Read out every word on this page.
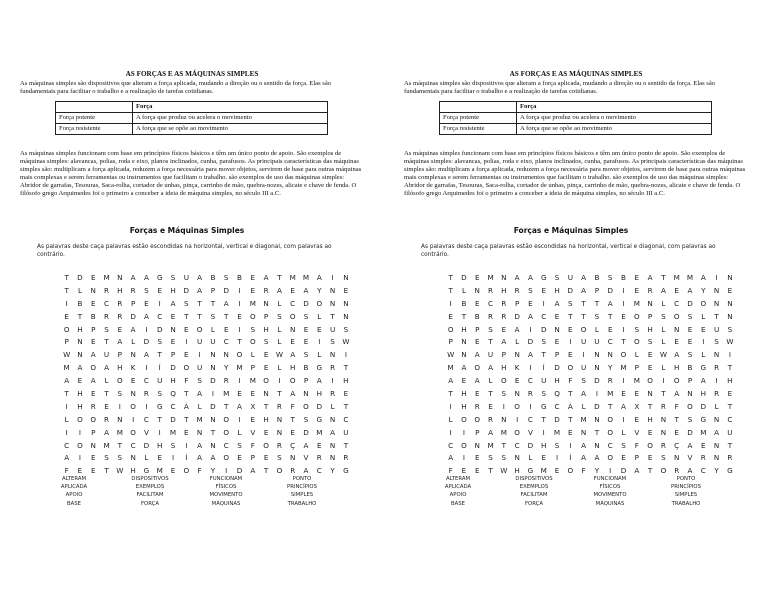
AS FORÇAS E AS MÁQUINAS SIMPLES

As máquinas simples são dispositivos que alteram a força aplicada, mudando a direção ou o sentido da força. Elas são fundamentais para facilitar o trabalho e a realização de tarefas cotidianas.

	Força
Força potente	A força que produz ou acelera o movimento
Força resistente	A força que se opõe ao movimento

As máquinas simples funcionam com base em princípios físicos básicos e têm um único ponto de apoio. São exemplos de máquinas simples: alavancas, polias, roda e eixo, planos inclinados, cunha, parafusos. As principais características das máquinas simples são: multiplicam a força aplicada, reduzem a força necessária para mover objetos, servirem de base para outras máquinas mais complexas e serem ferramentas ou instrumentos que facilitam o trabalho. são exemplos de uso das máquinas simples: Abridor de garrafas, Tesouras, Saca-rolha, cortador de unhas, pinça, carrinho de mão, quebra-nozes, alicate e chave de fenda. O filósofo grego Arquimedes foi o primeiro a conceber a ideia de máquina simples, no século III a.C.

Forças e Máquinas Simples

As palavras deste caça palavras estão escondidas na horizontal, vertical e diagonal, com palavras ao contrário.

T	D	E	M	N	A	A	G	S	U	A	B	S	B	E	A	T	M M	A	I	N
T	L	N	R	H	R	S	E	H	D	A	P	D	I	E	R	A	E	A	Y	N	E
I	B	E	C	R	P	E	I	A	S	T	T	A	I	M	N	L	C	D	O	N	N
E	T	B	R	R	D	A	C	E	T	T	S	T	E	O	P	S	O	S	L	T	N
O	H	P	S	E	A	I	D	N	E	O	L	E	I	S	H	L	N	E	E	U	S
P	N	E	T	A	L	D	S	E	I	U	U	C	T	O	S	L	E	E	I	S	W
W N	A	U	P	N	A	T	P	E	I	N	N	O	L	E	W	A	S	L	N	I
M	A	O	A	H	K	I	Í	D	O	U	N	Y	M	P	E	L	H	B	G	R	T
A	E	A	L	O	E	C	U	H	F	S	D	R	I	M	O	I	O	P	A	I	H
T	H	E	T	S	N	R	S	Q	T	A	I	M	E	E	N	T	A	N	H	R	E
I	H	R	E	I	O	I	G	C	Á	L	D	T	A	X	T	R	F	O	D	L	T
L	O	O	R	N	I	C	T	D	T	M	N	O	I	E	H	N	T	S	G	N	C
I	I	P	A	M	O	V	I	M	E	N	T	O	L	V	E	N	E	D	M	A	U
C	O	N	M	T	C	D	H	S	I	A	N	C	S	F	O	R	Ç	A	E	N	T
A	I	E	S	S	N	L	E	I	Í	A	A	O	E	P	E	S	N	V	R	N	R
F	E	E	T	W H	G	M	E	O	F	Y	I	D	A	T	O	R	A	C	Y	G
ALTERAM
APLICADA
APOIO
BASE
DISPOSITIVOS
EXEMPLOS
FACILITAM
FORÇA
FUNCIONAM
FÍSICOS
MOVIMENTO
MÁQUINAS
PONTO
PRINCÍPIOS
SIMPLES
TRABALHO
AS FORÇAS E AS MÁQUINAS SIMPLES

As máquinas simples são dispositivos que alteram a força aplicada, mudando a direção ou o sentido da força. Elas são fundamentais para facilitar o trabalho e a realização de tarefas cotidianas.

	Força
Força potente	A força que produz ou acelera o movimento
Força resistente	A força que se opõe ao movimento

As máquinas simples funcionam com base em princípios físicos básicos e têm um único ponto de apoio. São exemplos de máquinas simples: alavancas, polias, roda e eixo, planos inclinados, cunha, parafusos. As principais características das máquinas simples são: multiplicam a força aplicada, reduzem a força necessária para mover objetos, servirem de base para outras máquinas mais complexas e serem ferramentas ou instrumentos que facilitam o trabalho. são exemplos de uso das máquinas simples: Abridor de garrafas, Tesouras, Saca-rolha, cortador de unhas, pinça, carrinho de mão, quebra-nozes, alicate e chave de fenda. O filósofo grego Arquimedes foi o primeiro a conceber a ideia de máquina simples, no século III a.C.

Forças e Máquinas Simples

As palavras deste caça palavras estão escondidas na horizontal, vertical e diagonal, com palavras ao contrário.

T	D	E	M	N	A	A	G	S	U	A	B	S	B	E	A	T	M M	A	I	N
T	L	N	R	H	R	S	E	H	D	A	P	D	I	E	R	A	E	A	Y	N	E
I	B	E	C	R	P	E	I	A	S	T	T	A	I	M	N	L	C	D	O	N	N
E	T	B	R	R	D	A	C	E	T	T	S	T	E	O	P	S	O	S	L	T	N
O	H	P	S	E	A	I	D	N	E	O	L	E	I	S	H	L	N	E	E	U	S
P	N	E	T	A	L	D	S	E	I	U	U	C	T	O	S	L	E	E	I	S	W
W N	A	U	P	N	A	T	P	E	I	N	N	O	L	E	W	A	S	L	N	I
M	A	O	A	H	K	I	Í	D	O	U	N	Y	M	P	E	L	H	B	G	R	T
A	E	A	L	O	E	C	U	H	F	S	D	R	I	M	O	I	O	P	A	I	H
T	H	E	T	S	N	R	S	Q	T	A	I	M	E	E	N	T	A	N	H	R	E
I	H	R	E	I	O	I	G	C	Á	L	D	T	A	X	T	R	F	O	D	L	T
L	O	O	R	N	I	C	T	D	T	M	N	O	I	E	H	N	T	S	G	N	C
I	I	P	A	M	O	V	I	M	E	N	T	O	L	V	E	N	E	D	M	A	U
C	O	N	M	T	C	D	H	S	I	A	N	C	S	F	O	R	Ç	A	E	N	T
A	I	E	S	S	N	L	E	I	Í	A	A	O	E	P	E	S	N	V	R	N	R
F	E	E	T	W H	G	M	E	O	F	Y	I	D	A	T	O	R	A	C	Y	G
ALTERAM
APLICADA
APOIO
BASE
DISPOSITIVOS
EXEMPLOS
FACILITAM
FORÇA
FUNCIONAM
FÍSICOS
MOVIMENTO
MÁQUINAS
PONTO
PRINCÍPIOS
SIMPLES
TRABALHO
